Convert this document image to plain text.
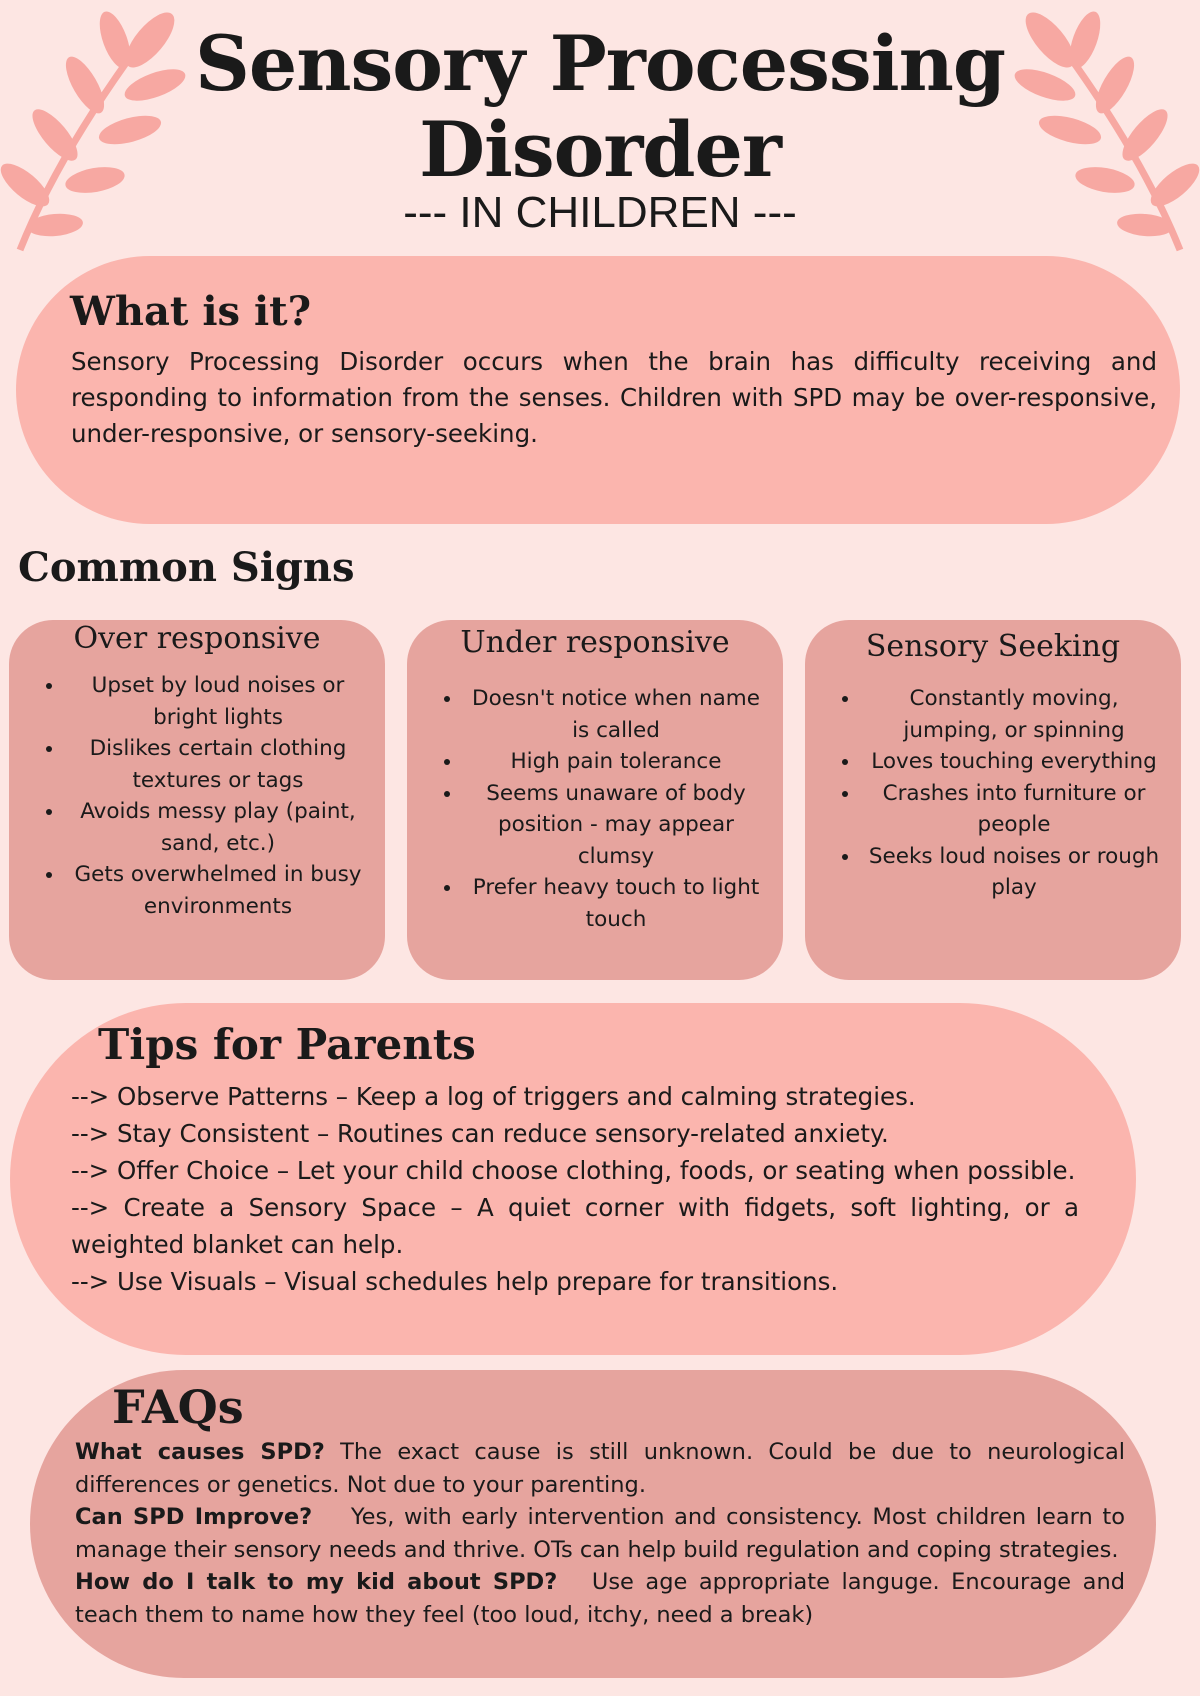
Sensory Processing
Disorder
--- IN CHILDREN ---
What is it?
Sensory Processing Disorder occurs when the brain has difficulty receiving and responding to information from the senses. Children with SPD may be over-responsive, under-responsive, or sensory-seeking.
Common Signs
Over responsive
• Upset by loud noises or bright lights
• Dislikes certain clothing textures or tags
• Avoids messy play (paint, sand, etc.)
• Gets overwhelmed in busy environments
Under responsive
• Doesn't notice when name is called
• High pain tolerance
• Seems unaware of body position - may appear clumsy
• Prefer heavy touch to light touch
Sensory Seeking
• Constantly moving, jumping, or spinning
• Loves touching everything
• Crashes into furniture or people
• Seeks loud noises or rough play
Tips for Parents
--> Observe Patterns – Keep a log of triggers and calming strategies.
--> Stay Consistent – Routines can reduce sensory-related anxiety.
--> Offer Choice – Let your child choose clothing, foods, or seating when possible.
--> Create a Sensory Space – A quiet corner with fidgets, soft lighting, or a weighted blanket can help.
--> Use Visuals – Visual schedules help prepare for transitions.
FAQs
What causes SPD? The exact cause is still unknown. Could be due to neurological differences or genetics. Not due to your parenting.
Can SPD Improve?    Yes, with early intervention and consistency. Most children learn to manage their sensory needs and thrive. OTs can help build regulation and coping strategies.
How do I talk to my kid about SPD?   Use age appropriate languge. Encourage and teach them to name how they feel (too loud, itchy, need a break)
